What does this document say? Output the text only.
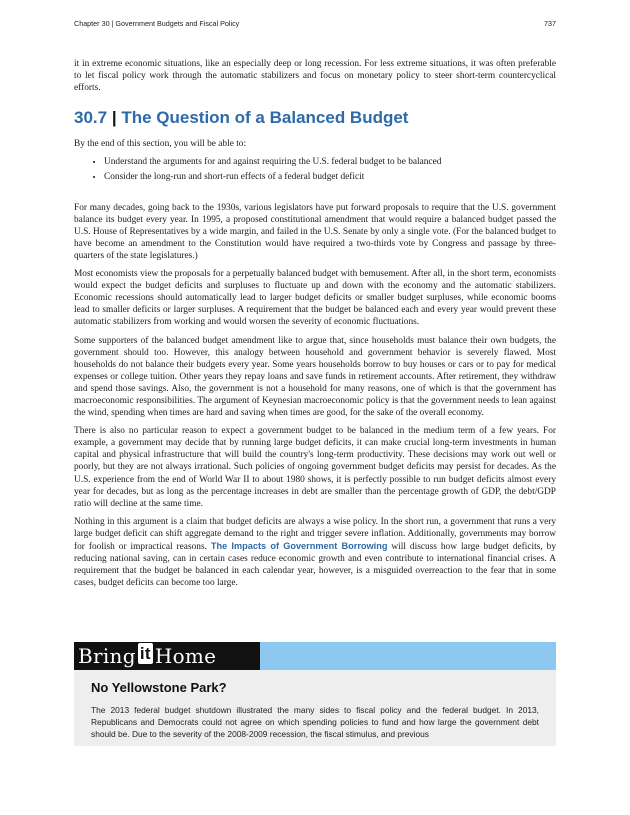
Chapter 30 | Government Budgets and Fiscal Policy	737

it in extreme economic situations, like an especially deep or long recession. For less extreme situations, it was often preferable to let fiscal policy work through the automatic stabilizers and focus on monetary policy to steer short-term countercyclical efforts.

30.7 | The Question of a Balanced Budget

By the end of this section, you will be able to:

• Understand the arguments for and against requiring the U.S. federal budget to be balanced
• Consider the long-run and short-run effects of a federal budget deficit

For many decades, going back to the 1930s, various legislators have put forward proposals to require that the U.S. government balance its budget every year. In 1995, a proposed constitutional amendment that would require a balanced budget passed the U.S. House of Representatives by a wide margin, and failed in the U.S. Senate by only a single vote. (For the balanced budget to have become an amendment to the Constitution would have required a two-thirds vote by Congress and passage by three-quarters of the state legislatures.)

Most economists view the proposals for a perpetually balanced budget with bemusement. After all, in the short term, economists would expect the budget deficits and surpluses to fluctuate up and down with the economy and the automatic stabilizers. Economic recessions should automatically lead to larger budget deficits or smaller budget surpluses, while economic booms lead to smaller deficits or larger surpluses. A requirement that the budget be balanced each and every year would prevent these automatic stabilizers from working and would worsen the severity of economic fluctuations.

Some supporters of the balanced budget amendment like to argue that, since households must balance their own budgets, the government should too. However, this analogy between household and government behavior is severely flawed. Most households do not balance their budgets every year. Some years households borrow to buy houses or cars or to pay for medical expenses or college tuition. Other years they repay loans and save funds in retirement accounts. After retirement, they withdraw and spend those savings. Also, the government is not a household for many reasons, one of which is that the government has macroeconomic responsibilities. The argument of Keynesian macroeconomic policy is that the government needs to lean against the wind, spending when times are hard and saving when times are good, for the sake of the overall economy.

There is also no particular reason to expect a government budget to be balanced in the medium term of a few years. For example, a government may decide that by running large budget deficits, it can make crucial long-term investments in human capital and physical infrastructure that will build the country's long-term productivity. These decisions may work out well or poorly, but they are not always irrational. Such policies of ongoing government budget deficits may persist for decades. As the U.S. experience from the end of World War II to about 1980 shows, it is perfectly possible to run budget deficits almost every year for decades, but as long as the percentage increases in debt are smaller than the percentage growth of GDP, the debt/GDP ratio will decline at the same time.

Nothing in this argument is a claim that budget deficits are always a wise policy. In the short run, a government that runs a very large budget deficit can shift aggregate demand to the right and trigger severe inflation. Additionally, governments may borrow for foolish or impractical reasons. The Impacts of Government Borrowing will discuss how large budget deficits, by reducing national saving, can in certain cases reduce economic growth and even contribute to international financial crises. A requirement that the budget be balanced in each calendar year, however, is a misguided overreaction to the fear that in some cases, budget deficits can become too large.

Bring it Home
No Yellowstone Park?

The 2013 federal budget shutdown illustrated the many sides to fiscal policy and the federal budget. In 2013, Republicans and Democrats could not agree on which spending policies to fund and how large the government debt should be. Due to the severity of the 2008-2009 recession, the fiscal stimulus, and previous
